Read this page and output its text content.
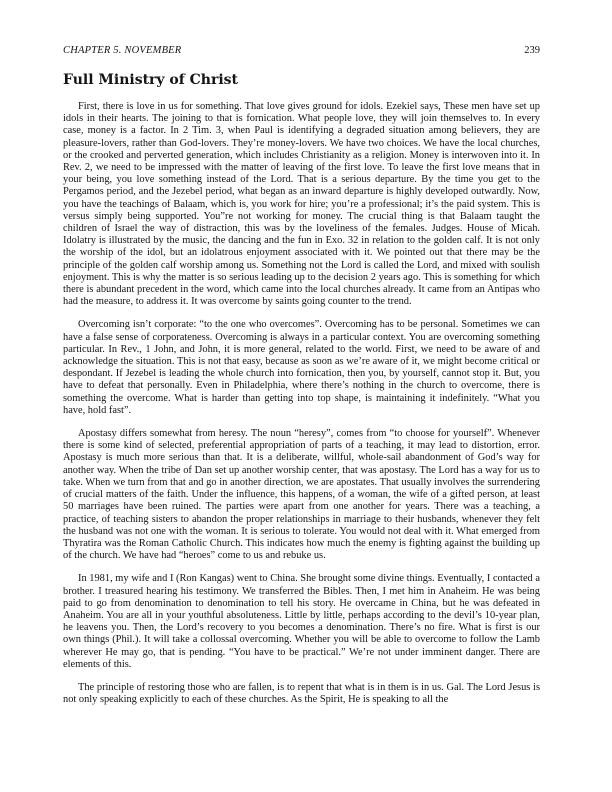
CHAPTER 5. NOVEMBER	239
Full Ministry of Christ

First, there is love in us for something. That love gives ground for idols. Ezekiel says, These men have set up idols in their hearts. The joining to that is fornication. What people love, they will join themselves to. In every case, money is a factor. In 2 Tim. 3, when Paul is identifying a degraded situation among believers, they are pleasure-lovers, rather than God-lovers. They’re money-lovers. We have two choices. We have the local churches, or the crooked and perverted generation, which includes Christianity as a religion. Money is interwoven into it. In Rev. 2, we need to be impressed with the matter of leaving of the first love. To leave the first love means that in your being, you love something instead of the Lord. That is a serious departure. By the time you get to the Pergamos period, and the Jezebel period, what began as an inward departure is highly developed outwardly. Now, you have the teachings of Balaam, which is, you work for hire; you’re a professional; it’s the paid system. This is versus simply being supported. You”re not working for money. The crucial thing is that Balaam taught the children of Israel the way of distraction, this was by the loveliness of the females. Judges. House of Micah. Idolatry is illustrated by the music, the dancing and the fun in Exo. 32 in relation to the golden calf. It is not only the worship of the idol, but an idolatrous enjoyment associated with it. We pointed out that there may be the principle of the golden calf worship among us. Something not the Lord is called the Lord, and mixed with soulish enjoyment. This is why the matter is so serious leading up to the decision 2 years ago. This is something for which there is abundant precedent in the word, which came into the local churches already. It came from an Antipas who had the measure, to address it. It was overcome by saints going counter to the trend.

Overcoming isn’t corporate: “to the one who overcomes”. Overcoming has to be personal. Sometimes we can have a false sense of corporateness. Overcoming is always in a particular context. You are overcoming something particular. In Rev., 1 John, and John, it is more general, related to the world. First, we need to be aware of and acknowledge the situation. This is not that easy, because as soon as we’re aware of it, we might become critical or despondant. If Jezebel is leading the whole church into fornication, then you, by yourself, cannot stop it. But, you have to defeat that personally. Even in Philadelphia, where there’s nothing in the church to overcome, there is something the overcome. What is harder than getting into top shape, is maintaining it indefinitely. “What you have, hold fast”.

Apostasy differs somewhat from heresy. The noun “heresy”, comes from “to choose for yourself”. Whenever there is some kind of selected, preferential appropriation of parts of a teaching, it may lead to distortion, error. Apostasy is much more serious than that. It is a deliberate, willful, whole-sail abandonment of God’s way for another way. When the tribe of Dan set up another worship center, that was apostasy. The Lord has a way for us to take. When we turn from that and go in another direction, we are apostates. That usually involves the surrendering of crucial matters of the faith. Under the influence, this happens, of a woman, the wife of a gifted person, at least 50 marriages have been ruined. The parties were apart from one another for years. There was a teaching, a practice, of teaching sisters to abandon the proper relationships in marriage to their husbands, whenever they felt the husband was not one with the woman. It is serious to tolerate. You would not deal with it. What emerged from Thyratira was the Roman Catholic Church. This indicates how much the enemy is fighting against the building up of the church. We have had “heroes” come to us and rebuke us.

In 1981, my wife and I (Ron Kangas) went to China. She brought some divine things. Eventually, I contacted a brother. I treasured hearing his testimony. We transferred the Bibles. Then, I met him in Anaheim. He was being paid to go from denomination to denomination to tell his story. He overcame in China, but he was defeated in Anaheim. You are all in your youthful absoluteness. Little by little, perhaps according to the devil’s 10-year plan, he leavens you. Then, the Lord’s recovery to you becomes a denomination. There’s no fire. What is first is our own things (Phil.). It will take a collossal overcoming. Whether you will be able to overcome to follow the Lamb wherever He may go, that is pending. “You have to be practical.” We’re not under imminent danger. There are elements of this.

The principle of restoring those who are fallen, is to repent that what is in them is in us. Gal. The Lord Jesus is not only speaking explicitly to each of these churches. As the Spirit, He is speaking to all the
